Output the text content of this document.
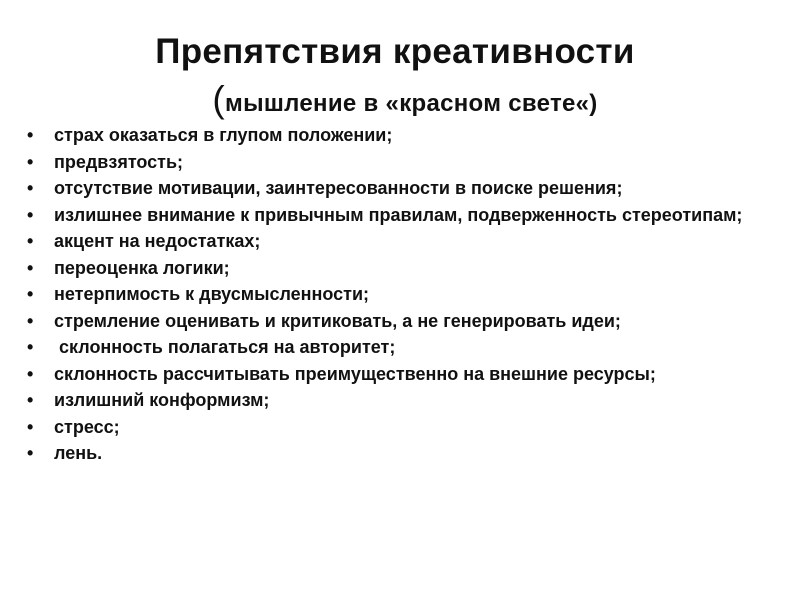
Препятствия креативности
(мышление в «красном свете«)
• страх оказаться в глупом положении;
• предвзятость;
• отсутствие мотивации, заинтересованности в поиске решения;
• излишнее внимание к привычным правилам, подверженность стереотипам;
• акцент на недостатках;
• переоценка логики;
• нетерпимость к двусмысленности;
• стремление оценивать и критиковать, а не генерировать идеи;
• склонность полагаться на авторитет;
• склонность рассчитывать преимущественно на внешние ресурсы;
• излишний конформизм;
• стресс;
• лень.
